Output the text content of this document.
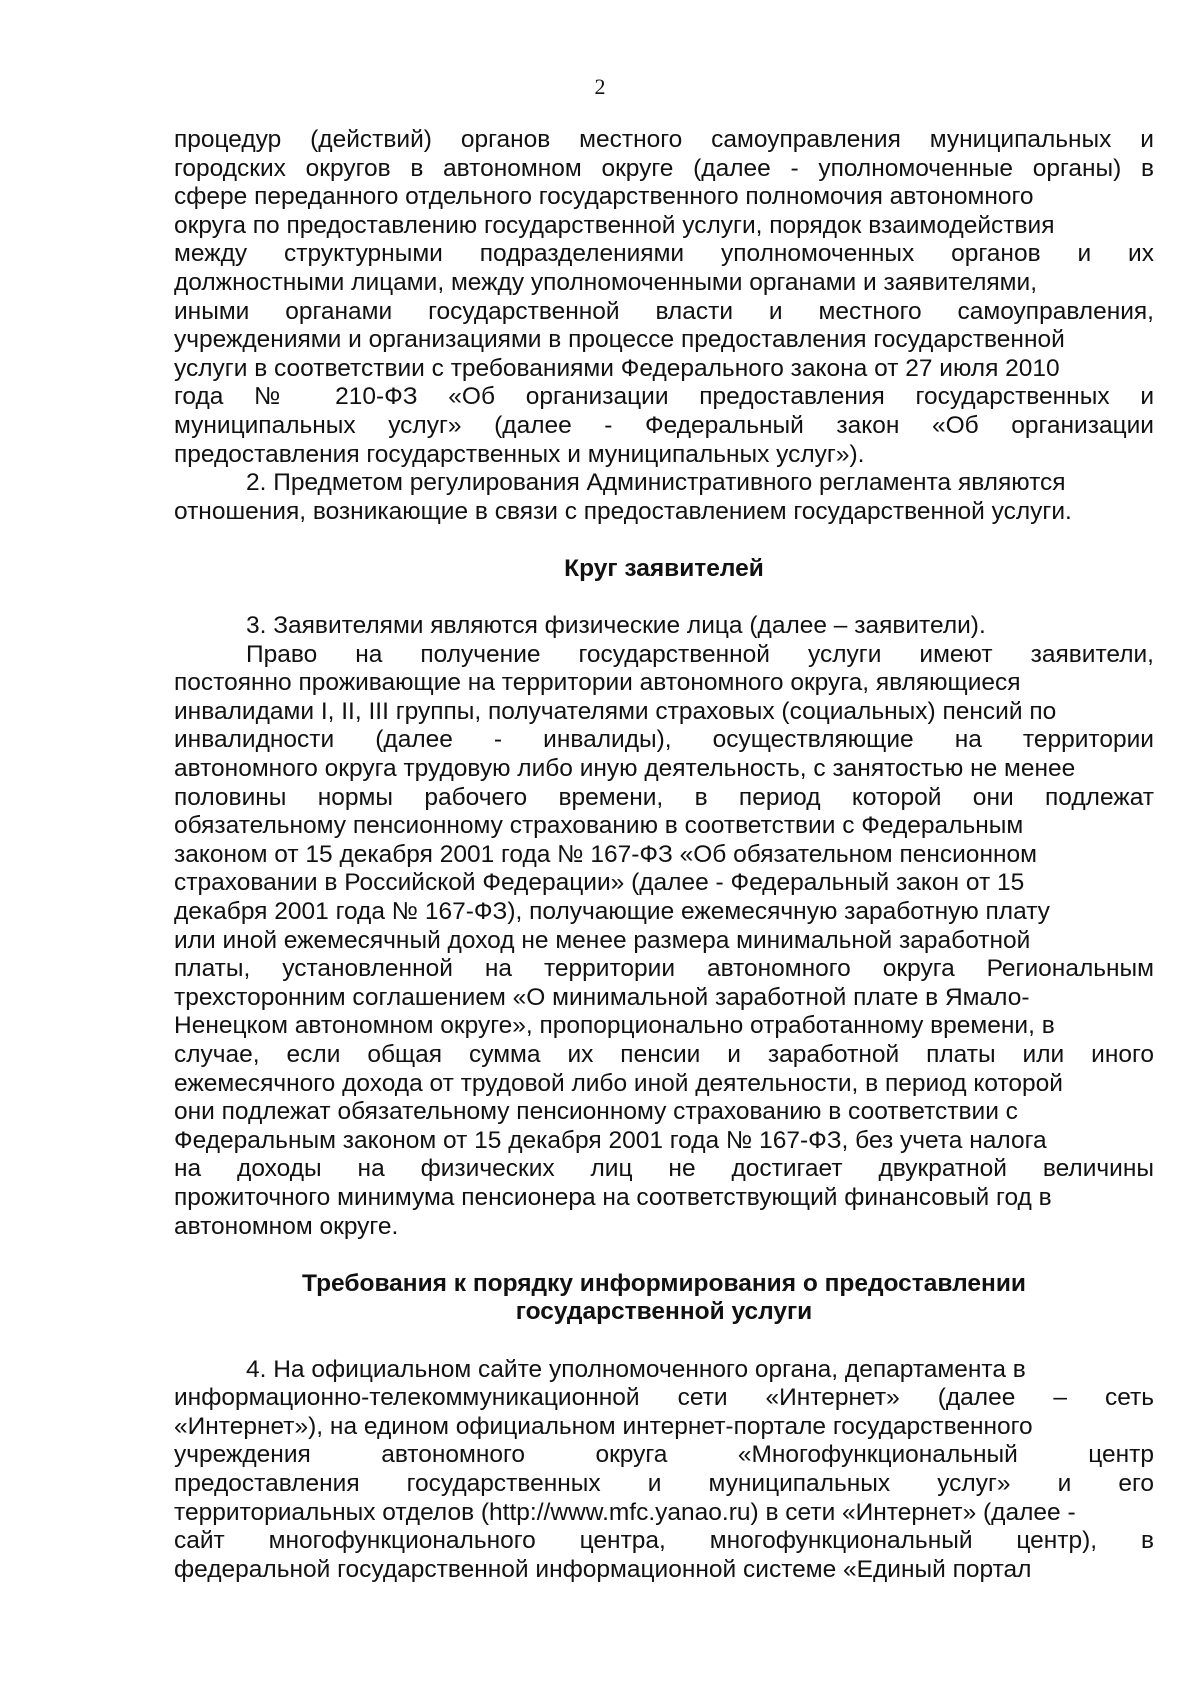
2
процедур (действий) органов местного самоуправления муниципальных и
городских округов в автономном округе (далее - уполномоченные органы) в
сфере переданного отдельного государственного полномочия автономного
округа по предоставлению государственной услуги, порядок взаимодействия
между структурными подразделениями уполномоченных органов и их
должностными лицами, между уполномоченными органами и заявителями,
иными органами государственной власти и местного самоуправления,
учреждениями и организациями в процессе предоставления государственной
услуги в соответствии с требованиями Федерального закона от 27 июля 2010
года № 210-ФЗ «Об организации предоставления государственных и
муниципальных услуг» (далее - Федеральный закон «Об организации
предоставления государственных и муниципальных услуг»).
2. Предметом регулирования Административного регламента являются
отношения, возникающие в связи с предоставлением государственной услуги.
Круг заявителей
3. Заявителями являются физические лица (далее – заявители).
Право на получение государственной услуги имеют заявители,
постоянно проживающие на территории автономного округа, являющиеся
инвалидами I, II, III группы, получателями страховых (социальных) пенсий по
инвалидности (далее - инвалиды), осуществляющие на территории
автономного округа трудовую либо иную деятельность, с занятостью не менее
половины нормы рабочего времени, в период которой они подлежат
обязательному пенсионному страхованию в соответствии с Федеральным
законом от 15 декабря 2001 года № 167-ФЗ «Об обязательном пенсионном
страховании в Российской Федерации» (далее - Федеральный закон от 15
декабря 2001 года № 167-ФЗ), получающие ежемесячную заработную плату
или иной ежемесячный доход не менее размера минимальной заработной
платы, установленной на территории автономного округа Региональным
трехсторонним соглашением «О минимальной заработной плате в Ямало-
Ненецком автономном округе», пропорционально отработанному времени, в
случае, если общая сумма их пенсии и заработной платы или иного
ежемесячного дохода от трудовой либо иной деятельности, в период которой
они подлежат обязательному пенсионному страхованию в соответствии с
Федеральным законом от 15 декабря 2001 года № 167-ФЗ, без учета налога
на доходы на физических лиц не достигает двукратной величины
прожиточного минимума пенсионера на соответствующий финансовый год в
автономном округе.
Требования к порядку информирования о предоставлении
государственной услуги
4. На официальном сайте уполномоченного органа, департамента в
информационно-телекоммуникационной сети «Интернет» (далее – сеть
«Интернет»), на едином официальном интернет-портале государственного
учреждения автономного округа «Многофункциональный центр
предоставления государственных и муниципальных услуг» и его
территориальных отделов (http://www.mfc.yanao.ru) в сети «Интернет» (далее -
сайт многофункционального центра, многофункциональный центр), в
федеральной государственной информационной системе «Единый портал
